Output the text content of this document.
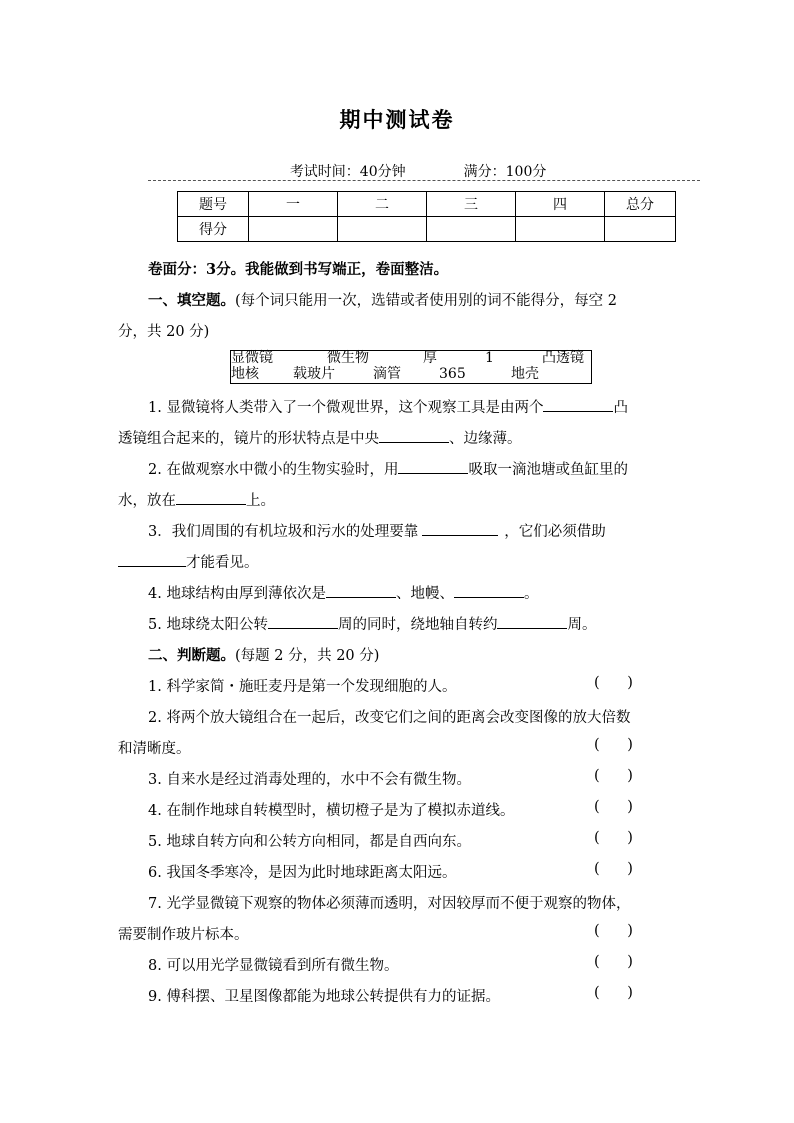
期中测试卷

考试时间：40分钟	满分：100分

题号	一	二	三	四	总分
得分					
卷面分：3分。我能做到书写端正，卷面整洁。
一、填空题。(每个词只能用一次，选错或者使用别的词不能得分，每空 2
分，共 20 分)
显微镜	微生物	厚	1	凸透镜
地核 载玻片	滴管	365	地壳
1. 显微镜将人类带入了一个微观世界，这个观察工具是由两个	凸
透镜组合起来的，镜片的形状特点是中央	、边缘薄。
2. 在做观察水中微小的生物实验时，用	吸取一滴池塘或鱼缸里的
水，放在	上。
3．我们周围的有机垃圾和污水的处理要靠	，它们必须借助
才能看见。
4. 地球结构由厚到薄依次是	、地幔、	。
5. 地球绕太阳公转	周的同时，绕地轴自转约	周。
二、判断题。(每题 2 分，共 20 分)
1. 科学家简・施旺麦丹是第一个发现细胞的人。	(      )
2. 将两个放大镜组合在一起后，改变它们之间的距离会改变图像的放大倍数
和清晰度。	(      )
3. 自来水是经过消毒处理的，水中不会有微生物。	(      )
4. 在制作地球自转模型时，横切橙子是为了模拟赤道线。	(      )
5. 地球自转方向和公转方向相同，都是自西向东。	(      )
6. 我国冬季寒冷，是因为此时地球距离太阳远。	(      )
7. 光学显微镜下观察的物体必须薄而透明，对因较厚而不便于观察的物体，
需要制作玻片标本。	(      )
8. 可以用光学显微镜看到所有微生物。	(      )
9. 傅科摆、卫星图像都能为地球公转提供有力的证据。	(      )
